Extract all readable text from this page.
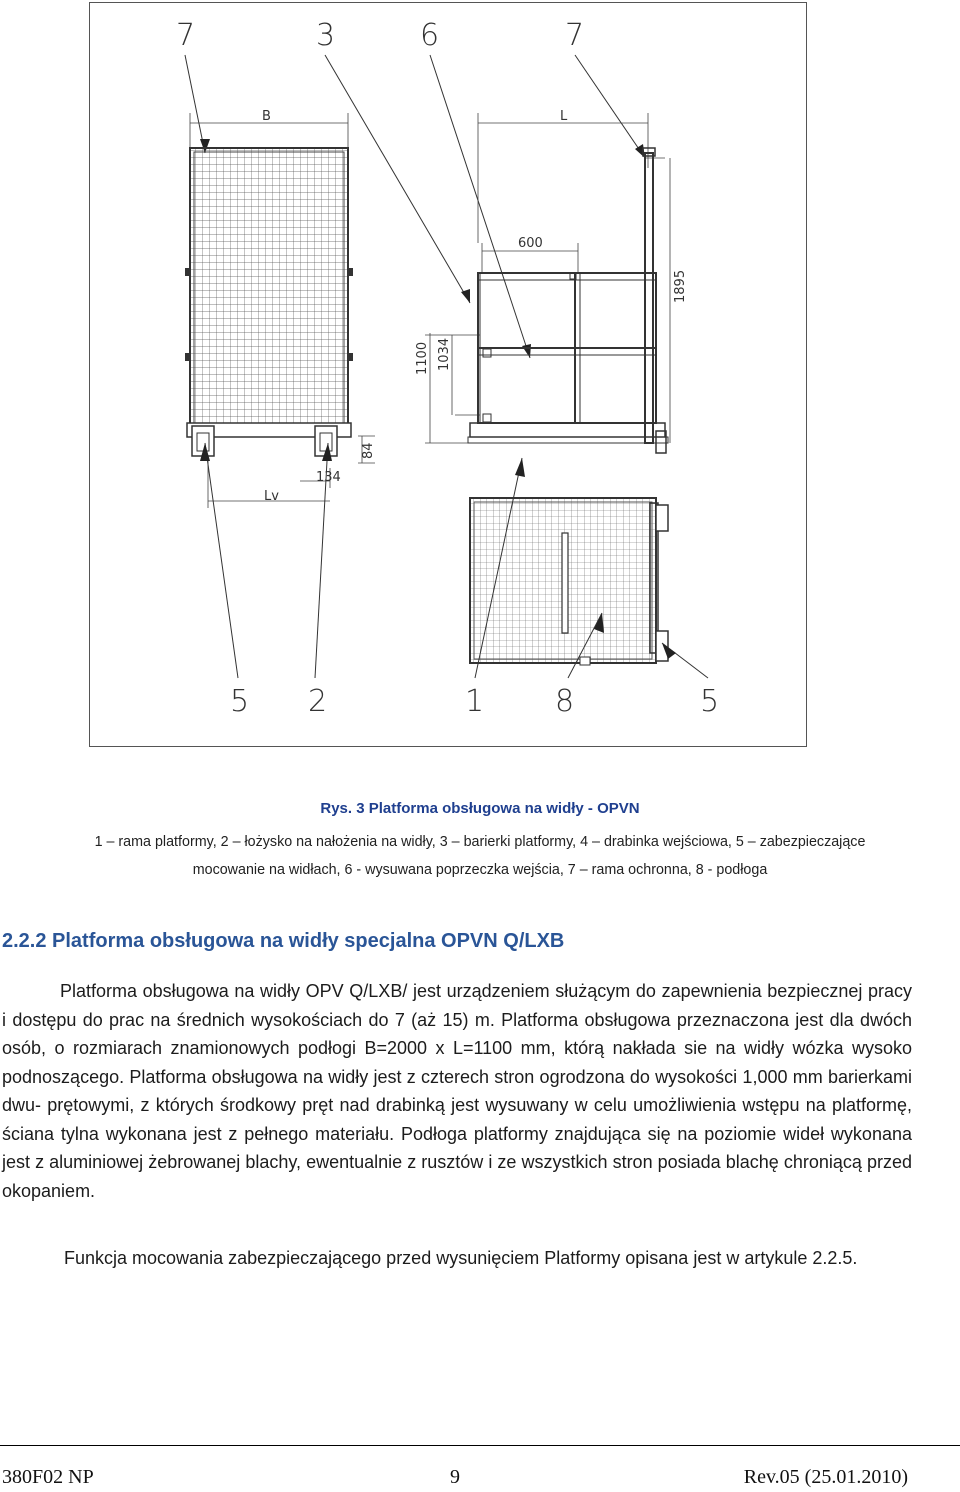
7	3	6	7
B	L
600
Lv
134
1895
1100 1034
84
5 2	1 8	5
Rys. 3 Platforma obsługowa na widły - OPVN
1 – rama platformy, 2 – łożysko na nałożenia na widły, 3 – barierki platformy, 4 – drabinka wejściowa, 5 – zabezpieczające mocowanie na widłach, 6 - wysuwana poprzeczka wejścia, 7 – rama ochronna, 8 - podłoga
2.2.2 Platforma obsługowa na widły specjalna OPVN Q/LXB
Platforma obsługowa na widły OPV Q/LXB/ jest urządzeniem służącym do zapewnienia bezpiecznej pracy i dostępu do prac na średnich wysokościach do 7 (aż 15) m. Platforma obsługowa przeznaczona jest dla dwóch osób, o rozmiarach znamionowych podłogi B=2000 x L=1100 mm, którą nakłada sie na widły wózka wysoko podnoszącego. Platforma obsługowa na widły jest z czterech stron ogrodzona do wysokości 1,000 mm barierkami dwu- prętowymi, z których środkowy pręt nad drabinką jest wysuwany w celu umożliwienia wstępu na platformę, ściana tylna wykonana jest z pełnego materiału. Podłoga platformy znajdująca się na poziomie wideł wykonana jest z aluminiowej żebrowanej blachy, ewentualnie z rusztów i ze wszystkich stron posiada blachę chroniącą przed okopaniem.
Funkcja mocowania zabezpieczającego przed wysunięciem Platformy opisana jest w artykule 2.2.5.
380F02 NP	9	Rev.05 (25.01.2010)
